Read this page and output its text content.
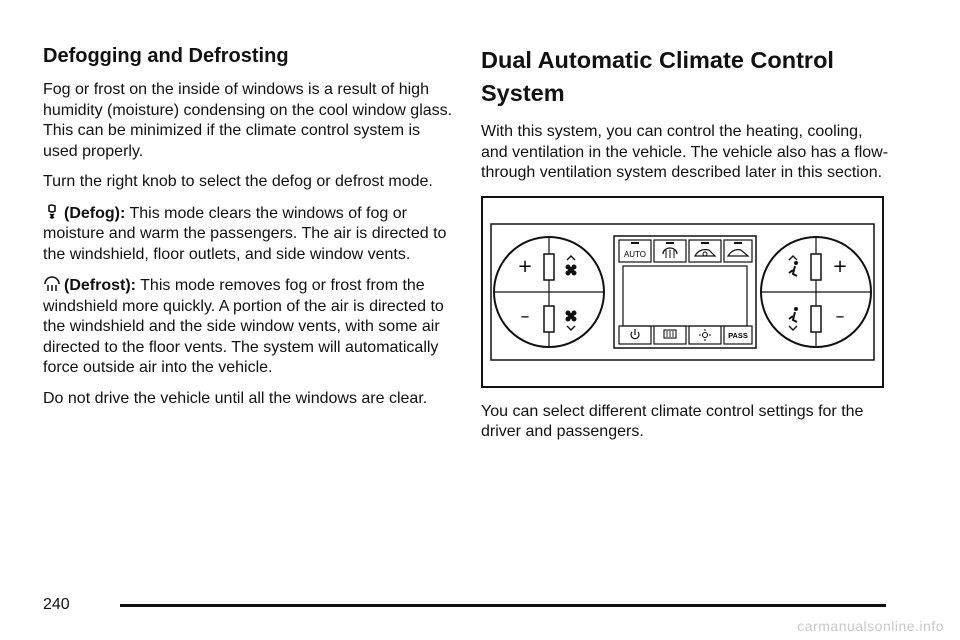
Defogging and Defrosting

Fog or frost on the inside of windows is a result of high humidity (moisture) condensing on the cool window glass. This can be minimized if the climate control system is used properly.

Turn the right knob to select the defog or defrost mode.

(Defog): This mode clears the windows of fog or moisture and warm the passengers. The air is directed to the windshield, floor outlets, and side window vents.

(Defrost): This mode removes fog or frost from the windshield more quickly. A portion of the air is directed to the windshield and the side window vents, with some air directed to the floor vents. The system will automatically force outside air into the vehicle.

Do not drive the vehicle until all the windows are clear.

Dual Automatic Climate Control System

With this system, you can control the heating, cooling, and ventilation in the vehicle. The vehicle also has a flow-through ventilation system described later in this section.

+
–
AUTO
PASS
+
–

You can select different climate control settings for the driver and passengers.

240
carmanualsonline.info
